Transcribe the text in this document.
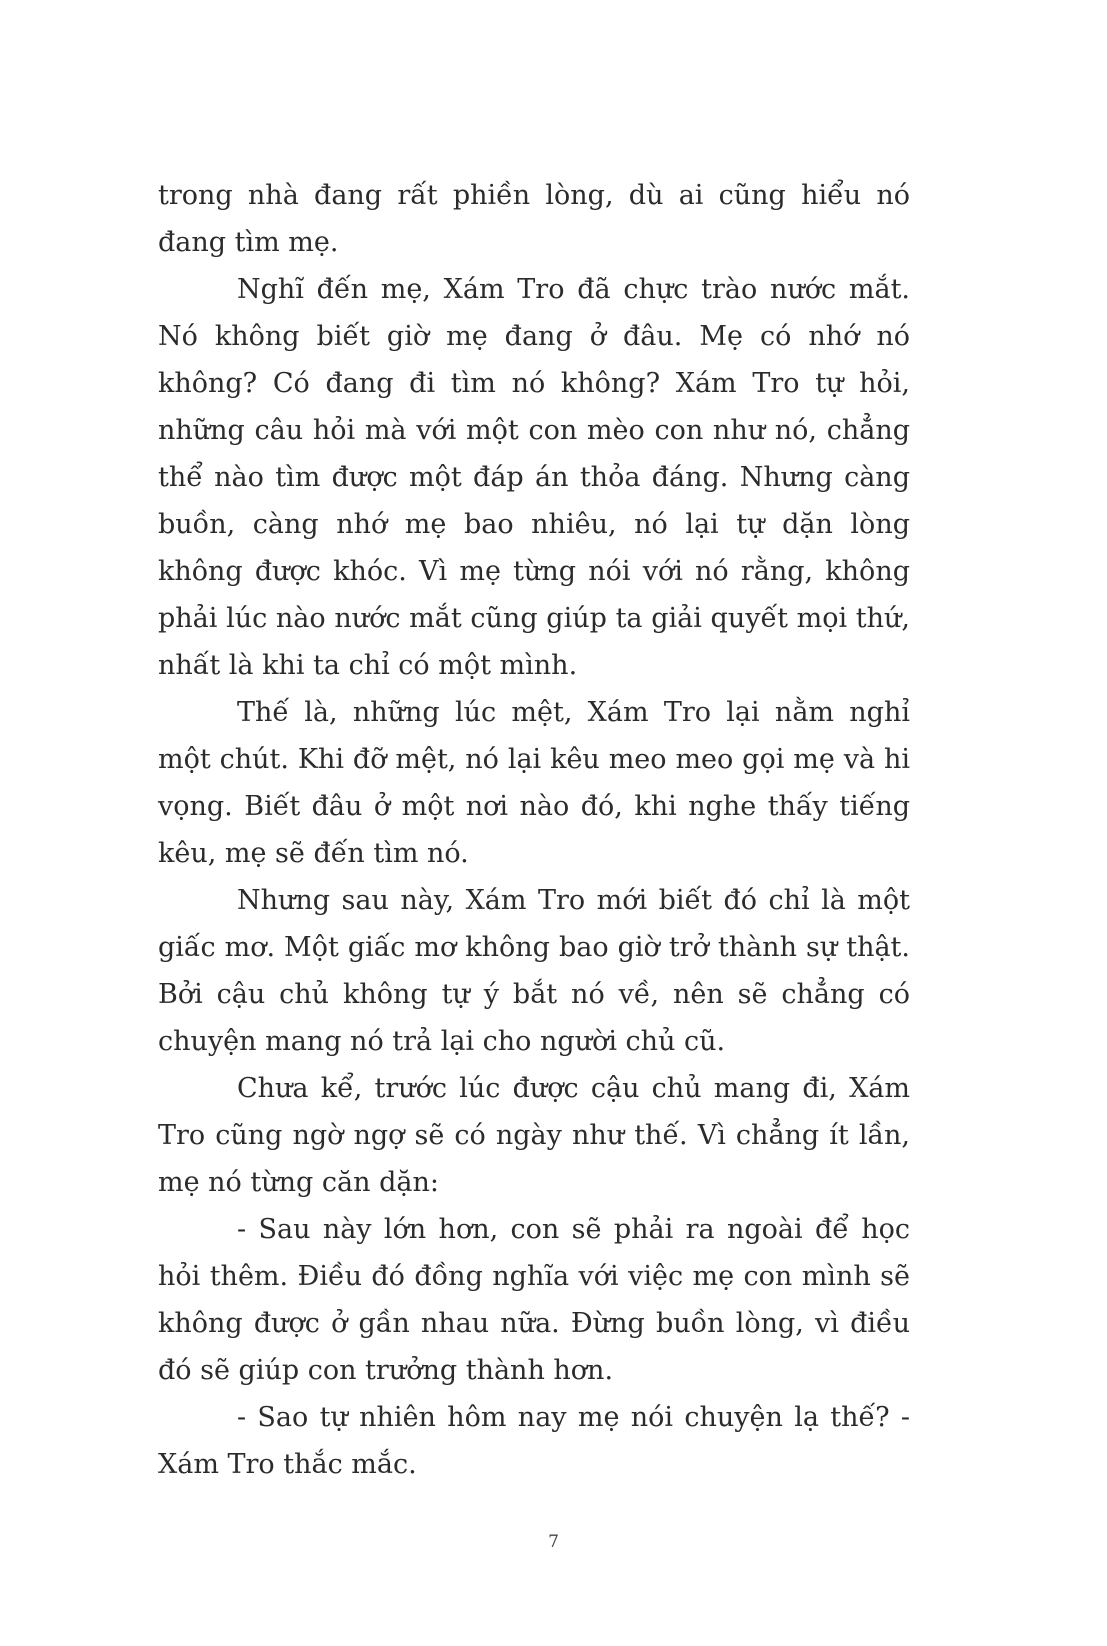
trong nhà đang rất phiền lòng, dù ai cũng hiểu nó đang tìm mẹ.

Nghĩ đến mẹ, Xám Tro đã chực trào nước mắt. Nó không biết giờ mẹ đang ở đâu. Mẹ có nhớ nó không? Có đang đi tìm nó không? Xám Tro tự hỏi, những câu hỏi mà với một con mèo con như nó, chẳng thể nào tìm được một đáp án thỏa đáng. Nhưng càng buồn, càng nhớ mẹ bao nhiêu, nó lại tự dặn lòng không được khóc. Vì mẹ từng nói với nó rằng, không phải lúc nào nước mắt cũng giúp ta giải quyết mọi thứ, nhất là khi ta chỉ có một mình.

Thế là, những lúc mệt, Xám Tro lại nằm nghỉ một chút. Khi đỡ mệt, nó lại kêu meo meo gọi mẹ và hi vọng. Biết đâu ở một nơi nào đó, khi nghe thấy tiếng kêu, mẹ sẽ đến tìm nó.

Nhưng sau này, Xám Tro mới biết đó chỉ là một giấc mơ. Một giấc mơ không bao giờ trở thành sự thật. Bởi cậu chủ không tự ý bắt nó về, nên sẽ chẳng có chuyện mang nó trả lại cho người chủ cũ.

Chưa kể, trước lúc được cậu chủ mang đi, Xám Tro cũng ngờ ngợ sẽ có ngày như thế. Vì chẳng ít lần, mẹ nó từng căn dặn:

- Sau này lớn hơn, con sẽ phải ra ngoài để học hỏi thêm. Điều đó đồng nghĩa với việc mẹ con mình sẽ không được ở gần nhau nữa. Đừng buồn lòng, vì điều đó sẽ giúp con trưởng thành hơn.

- Sao tự nhiên hôm nay mẹ nói chuyện lạ thế? - Xám Tro thắc mắc.

7
